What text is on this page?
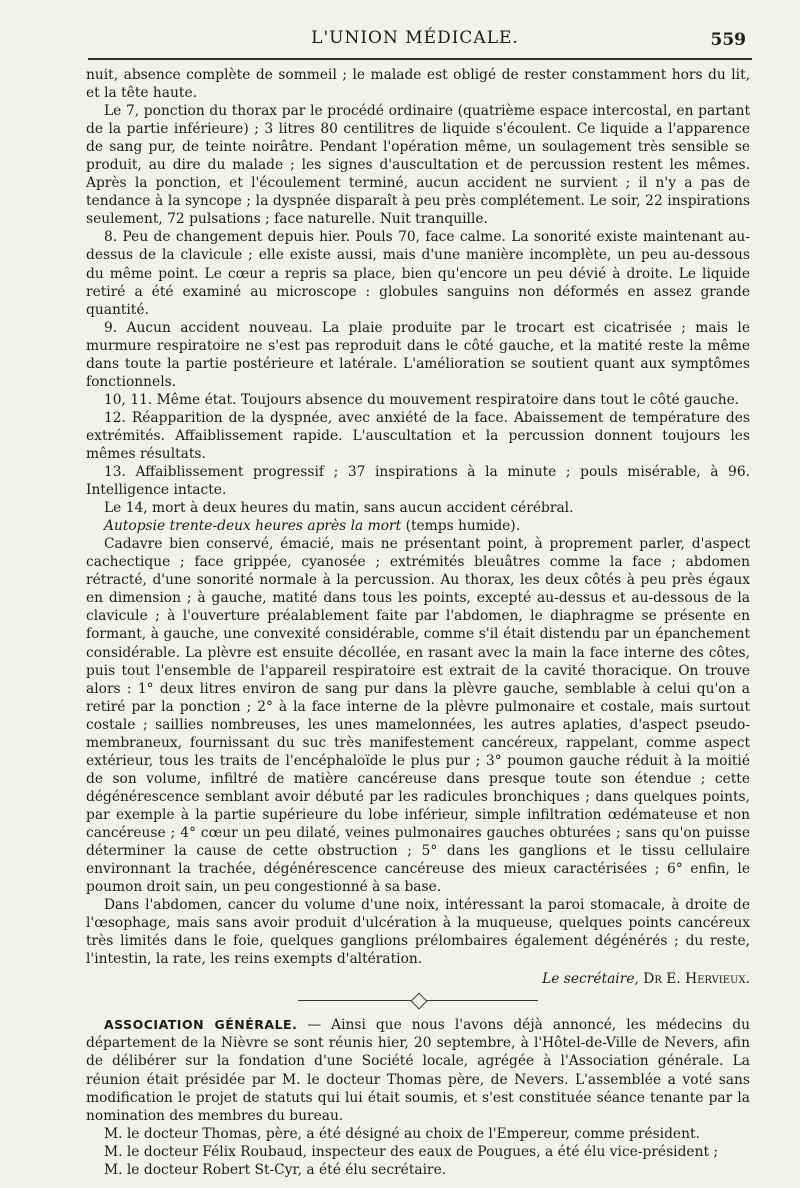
L'UNION MÉDICALE.	559

nuit, absence complète de sommeil ; le malade est obligé de rester constamment hors du lit, et la tête haute.

Le 7, ponction du thorax par le procédé ordinaire (quatrième espace intercostal, en partant de la partie inférieure) ; 3 litres 80 centilitres de liquide s'écoulent. Ce liquide a l'apparence de sang pur, de teinte noirâtre. Pendant l'opération même, un soulagement très sensible se produit, au dire du malade ; les signes d'auscultation et de percussion restent les mêmes. Après la ponction, et l'écoulement terminé, aucun accident ne survient ; il n'y a pas de tendance à la syncope ; la dyspnée disparaît à peu près complétement. Le soir, 22 inspirations seulement, 72 pulsations ; face naturelle. Nuit tranquille.

8. Peu de changement depuis hier. Pouls 70, face calme. La sonorité existe maintenant au-dessus de la clavicule ; elle existe aussi, mais d'une manière incomplète, un peu au-dessous du même point. Le cœur a repris sa place, bien qu'encore un peu dévié à droite. Le liquide retiré a été examiné au microscope : globules sanguins non déformés en assez grande quantité.

9. Aucun accident nouveau. La plaie produite par le trocart est cicatrisée ; mais le murmure respiratoire ne s'est pas reproduit dans le côté gauche, et la matité reste la même dans toute la partie postérieure et latérale. L'amélioration se soutient quant aux symptômes fonctionnels.

10, 11. Même état. Toujours absence du mouvement respiratoire dans tout le côté gauche.

12. Réapparition de la dyspnée, avec anxiété de la face. Abaissement de température des extrémités. Affaiblissement rapide. L'auscultation et la percussion donnent toujours les mêmes résultats.

13. Affaiblissement progressif ; 37 inspirations à la minute ; pouls misérable, à 96. Intelligence intacte.

Le 14, mort à deux heures du matin, sans aucun accident cérébral.

Autopsie trente-deux heures après la mort (temps humide).

Cadavre bien conservé, émacié, mais ne présentant point, à proprement parler, d'aspect cachectique ; face grippée, cyanosée ; extrémités bleuâtres comme la face ; abdomen rétracté, d'une sonorité normale à la percussion. Au thorax, les deux côtés à peu près égaux en dimension ; à gauche, matité dans tous les points, excepté au-dessus et au-dessous de la clavicule ; à l'ouverture préalablement faite par l'abdomen, le diaphragme se présente en formant, à gauche, une convexité considérable, comme s'il était distendu par un épanchement considérable. La plèvre est ensuite décollée, en rasant avec la main la face interne des côtes, puis tout l'ensemble de l'appareil respiratoire est extrait de la cavité thoracique. On trouve alors : 1° deux litres environ de sang pur dans la plèvre gauche, semblable à celui qu'on a retiré par la ponction ; 2° à la face interne de la plèvre pulmonaire et costale, mais surtout costale ; saillies nombreuses, les unes mamelonnées, les autres aplaties, d'aspect pseudo-membraneux, fournissant du suc très manifestement cancéreux, rappelant, comme aspect extérieur, tous les traits de l'encéphaloïde le plus pur ; 3° poumon gauche réduit à la moitié de son volume, infiltré de matière cancéreuse dans presque toute son étendue ; cette dégénérescence semblant avoir débuté par les radicules bronchiques ; dans quelques points, par exemple à la partie supérieure du lobe inférieur, simple infiltration œdémateuse et non cancéreuse ; 4° cœur un peu dilaté, veines pulmonaires gauches obturées ; sans qu'on puisse déterminer la cause de cette obstruction ; 5° dans les ganglions et le tissu cellulaire environnant la trachée, dégénérescence cancéreuse des mieux caractérisées ; 6° enfin, le poumon droit sain, un peu congestionné à sa base.

Dans l'abdomen, cancer du volume d'une noix, intéressant la paroi stomacale, à droite de l'œsophage, mais sans avoir produit d'ulcération à la muqueuse, quelques points cancéreux très limités dans le foie, quelques ganglions prélombaires également dégénérés ; du reste, l'intestin, la rate, les reins exempts d'altération.

Le secrétaire, Dr E. Hervieux.

ASSOCIATION GÉNÉRALE. — Ainsi que nous l'avons déjà annoncé, les médecins du département de la Nièvre se sont réunis hier, 20 septembre, à l'Hôtel-de-Ville de Nevers, afin de délibérer sur la fondation d'une Société locale, agrégée à l'Association générale. La réunion était présidée par M. le docteur Thomas père, de Nevers. L'assemblée a voté sans modification le projet de statuts qui lui était soumis, et s'est constituée séance tenante par la nomination des membres du bureau.

M. le docteur Thomas, père, a été désigné au choix de l'Empereur, comme président.

M. le docteur Félix Roubaud, inspecteur des eaux de Pougues, a été élu vice-président ;

M. le docteur Robert St-Cyr, a été élu secrétaire.
